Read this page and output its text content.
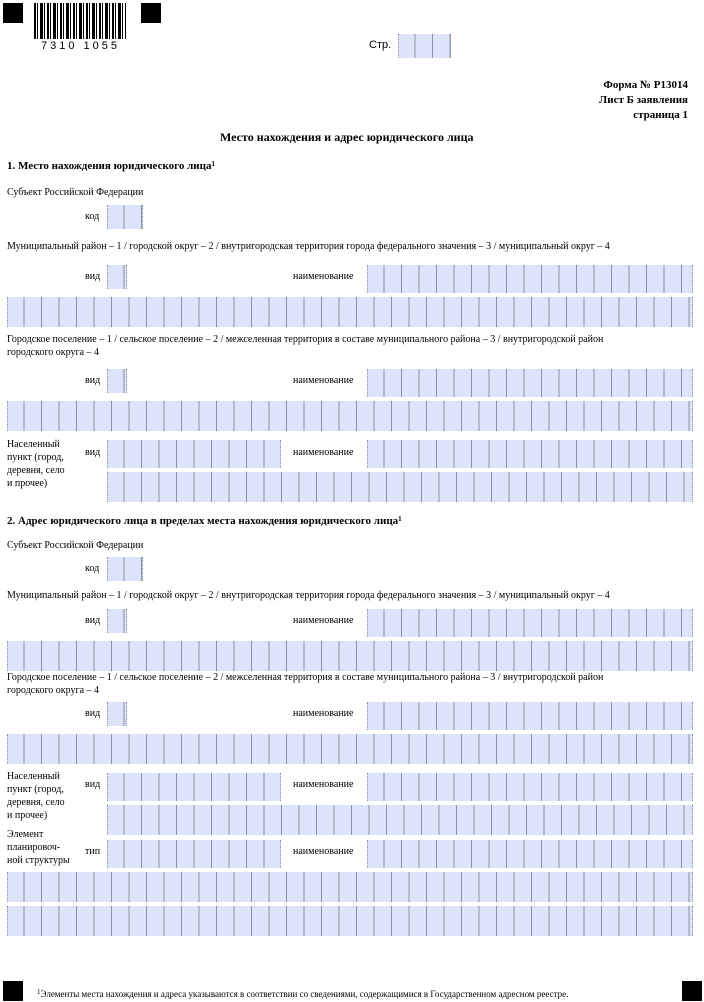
7310 1055	Стр.
Форма № Р13014
Лист Б заявления
страница 1
Место нахождения и адрес юридического лица
1. Место нахождения юридического лица$^1$
Субъект Российской Федерации
код
Муниципальный район – 1 / городской округ – 2 / внутригородская территория города федерального значения – 3 / муниципальный округ – 4
вид	наименование
Городское поселение – 1 / сельское поселение – 2 / межселенная территория в составе муниципального района – 3 / внутригородской район
городского округа – 4
вид	наименование
Населенный
пункт (город,
деревня, село
и прочее)
вид	наименование
2. Адрес юридического лица в пределах места нахождения юридического лица$^1$
Субъект Российской Федерации
код
Муниципальный район – 1 / городской округ – 2 / внутригородская территория города федерального значения – 3 / муниципальный округ – 4
вид	наименование
Городское поселение – 1 / сельское поселение – 2 / межселенная территория в составе муниципального района – 3 / внутригородской район
городского округа – 4
вид	наименование
Населенный
пункт (город,
деревня, село
и прочее)
вид	наименование
Элемент
планировоч-
ной структуры
тип	наименование
$^1$Элементы места нахождения и адреса указываются в соответствии со сведениями, содержащимися в Государственном адресном реестре.
